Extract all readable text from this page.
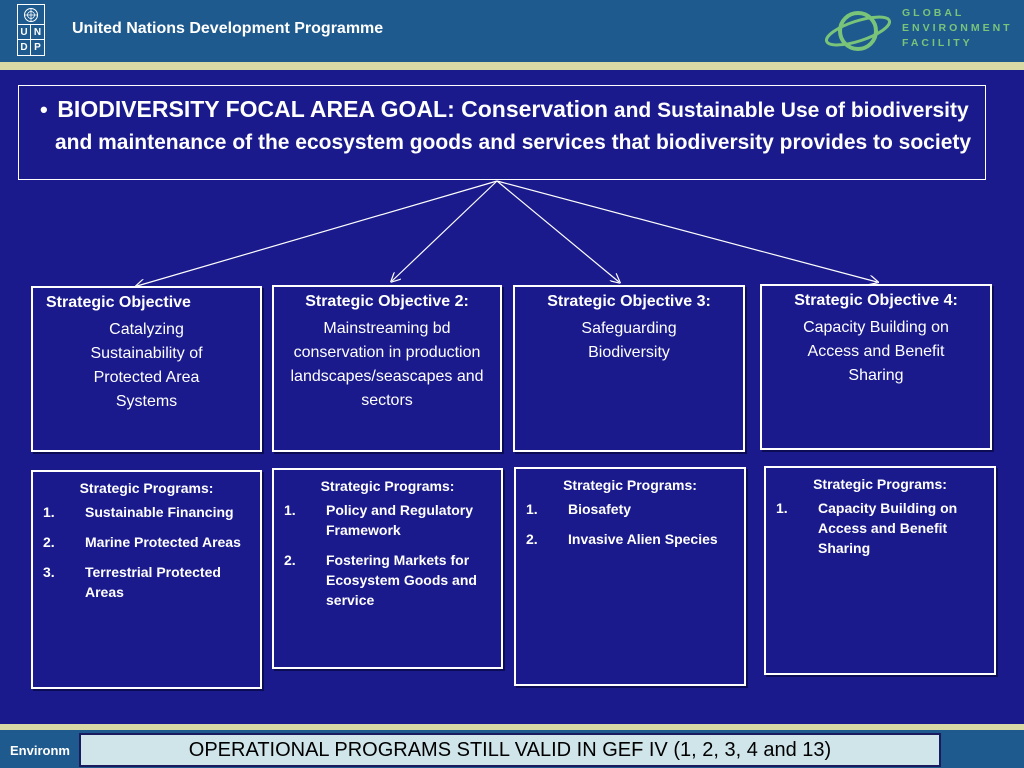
U N
D P
United Nations Development Programme
GLOBAL
ENVIRONMENT
FACILITY
• BIODIVERSITY FOCAL AREA GOAL: Conservation and Sustainable Use of biodiversity and maintenance of the ecosystem goods and services that biodiversity provides to society
Strategic Objective
Catalyzing Sustainability of Protected Area Systems
Strategic Objective 2:
Mainstreaming bd conservation in production landscapes/seascapes and sectors
Strategic Objective 3:
Safeguarding Biodiversity
Strategic Objective 4:
Capacity Building on Access and Benefit Sharing
Strategic Programs:
1.	Sustainable Financing
2.	Marine Protected Areas
3.	Terrestrial Protected Areas
Strategic Programs:
1.	Policy and Regulatory Framework
2.	Fostering Markets for Ecosystem Goods and service
Strategic Programs:
1.	Biosafety
2.	Invasive Alien Species
Strategic Programs:
1.	Capacity Building on Access and Benefit Sharing
Environm	OPERATIONAL PROGRAMS STILL VALID IN GEF IV (1, 2, 3, 4 and 13)
